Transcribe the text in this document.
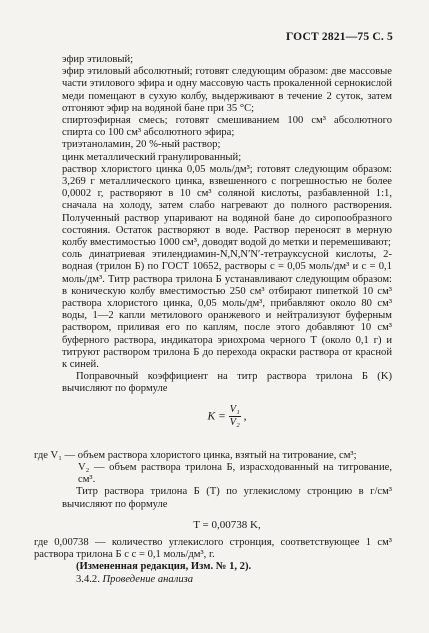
ГОСТ 2821—75 С. 5

эфир этиловый;

эфир этиловый абсолютный; готовят следующим образом: две массовые части этилового эфира и одну массовую часть прокаленной сернокислой меди помещают в сухую колбу, выдерживают в течение 2 суток, затем отгоняют эфир на водяной бане при 35 °С;

спиртоэфирная смесь; готовят смешиванием 100 см³ абсолютного спирта со 100 см³ абсолютного эфира;

триэтаноламин, 20 %-ный раствор;

цинк металлический гранулированный;

раствор хлористого цинка 0,05 моль/дм³; готовят следующим образом: 3,269 г металлического цинка, взвешенного с погрешностью не более 0,0002 г, растворяют в 10 см³ соляной кислоты, разбавленной 1:1, сначала на холоду, затем слабо нагревают до полного растворения. Полученный раствор упаривают на водяной бане до сиропообразного состояния. Остаток растворяют в воде. Раствор переносят в мерную колбу вместимостью 1000 см³, доводят водой до метки и перемешивают;

соль динатриевая этилендиамин-N,N,N′N′-тетрауксусной кислоты, 2-водная (трилон Б) по ГОСТ 10652, растворы c = 0,05 моль/дм³ и c = 0,1 моль/дм³. Титр раствора трилона Б устанавливают следующим образом: в коническую колбу вместимостью 250 см³ отбирают пипеткой 10 см³ раствора хлористого цинка, 0,05 моль/дм³, прибавляют около 80 см³ воды, 1—2 капли метилового оранжевого и нейтрализуют буферным раствором, приливая его по каплям, после этого добавляют 10 см³ буферного раствора, индикатора эриохрома черного Т (около 0,1 г) и титруют раствором трилона Б до перехода окраски раствора от красной к синей.

Поправочный коэффициент на титр раствора трилона Б (K) вычисляют по формуле

$K = \frac{\text{V₁}}{\text{V₂}}$ ,

где V₁ — объем раствора хлористого цинка, взятый на титрование, см³;

V₂ — объем раствора трилона Б, израсходованный на титрование, см³.

Титр раствора трилона Б (T) по углекислому стронцию в г/см³ вычисляют по формуле

T = 0,00738 K,

где 0,00738 — количество углекислого стронция, соответствующее 1 см³ раствора трилона Б с c = 0,1 моль/дм³, г.

(Измененная редакция, Изм. № 1, 2).

3.4.2. Проведение анализа
